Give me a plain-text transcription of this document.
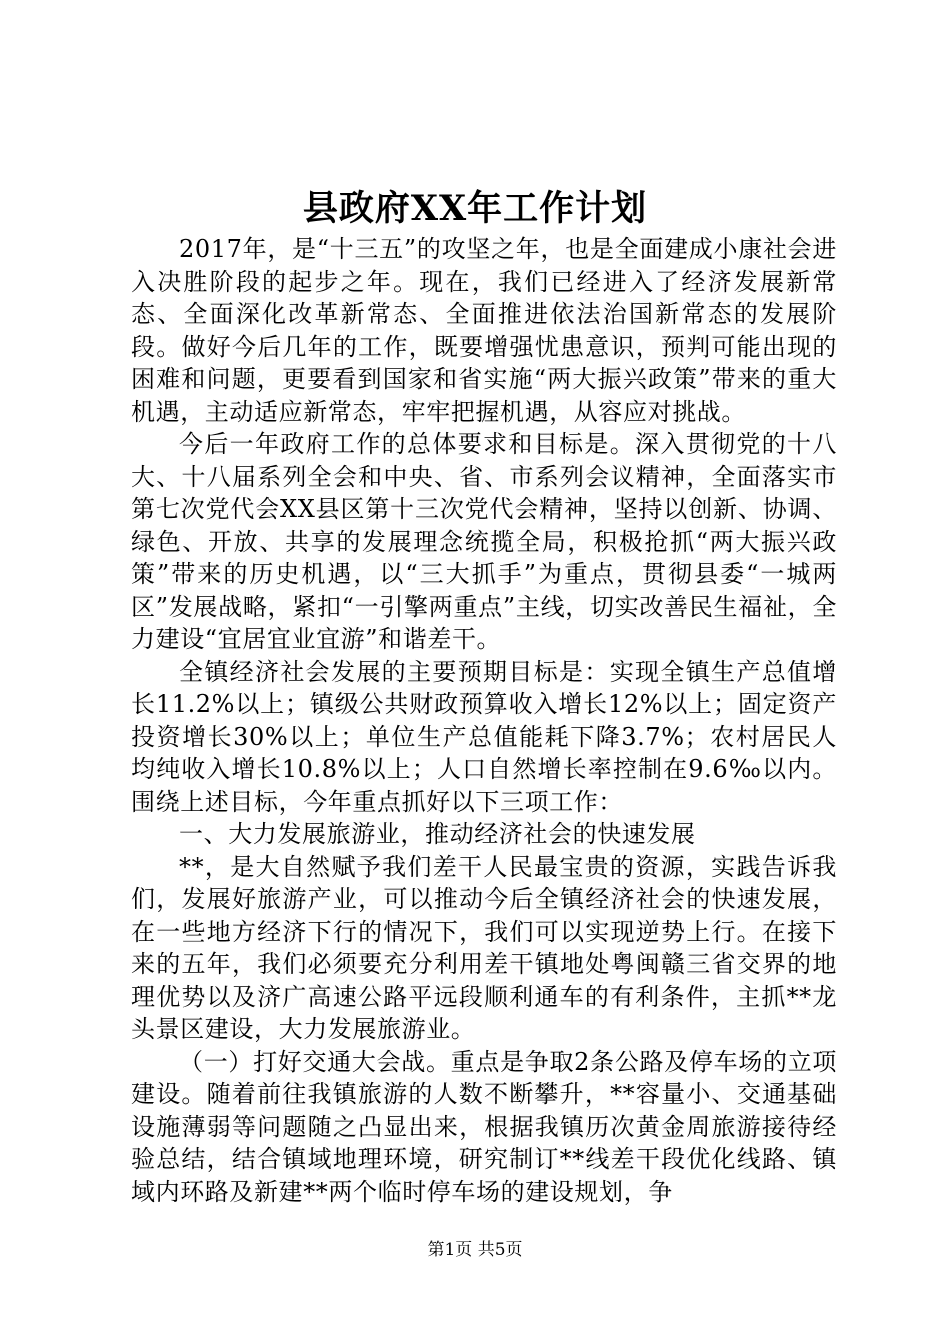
县政府XX年工作计划

2017年，是“十三五”的攻坚之年，也是全面建成小康社会进入决胜阶段的起步之年。现在，我们已经进入了经济发展新常态、全面深化改革新常态、全面推进依法治国新常态的发展阶段。做好今后几年的工作，既要增强忧患意识，预判可能出现的困难和问题，更要看到国家和省实施“两大振兴政策”带来的重大机遇，主动适应新常态，牢牢把握机遇，从容应对挑战。

今后一年政府工作的总体要求和目标是。深入贯彻党的十八大、十八届系列全会和中央、省、市系列会议精神，全面落实市第七次党代会XX县区第十三次党代会精神，坚持以创新、协调、绿色、开放、共享的发展理念统揽全局，积极抢抓“两大振兴政策”带来的历史机遇，以“三大抓手”为重点，贯彻县委“一城两区”发展战略，紧扣“一引擎两重点”主线，切实改善民生福祉，全力建设“宜居宜业宜游”和谐差干。

全镇经济社会发展的主要预期目标是：实现全镇生产总值增长11.2%以上；镇级公共财政预算收入增长12%以上；固定资产投资增长30%以上；单位生产总值能耗下降3.7%；农村居民人均纯收入增长10.8%以上；人口自然增长率控制在9.6‰以内。围绕上述目标，今年重点抓好以下三项工作：

一、大力发展旅游业，推动经济社会的快速发展

**，是大自然赋予我们差干人民最宝贵的资源，实践告诉我们，发展好旅游产业，可以推动今后全镇经济社会的快速发展，在一些地方经济下行的情况下，我们可以实现逆势上行。在接下来的五年，我们必须要充分利用差干镇地处粤闽赣三省交界的地理优势以及济广高速公路平远段顺利通车的有利条件，主抓**龙头景区建设，大力发展旅游业。

（一）打好交通大会战。重点是争取2条公路及停车场的立项建设。随着前往我镇旅游的人数不断攀升，**容量小、交通基础设施薄弱等问题随之凸显出来，根据我镇历次黄金周旅游接待经验总结，结合镇域地理环境，研究制订**线差干段优化线路、镇域内环路及新建**两个临时停车场的建设规划，争

第1页 共5页
